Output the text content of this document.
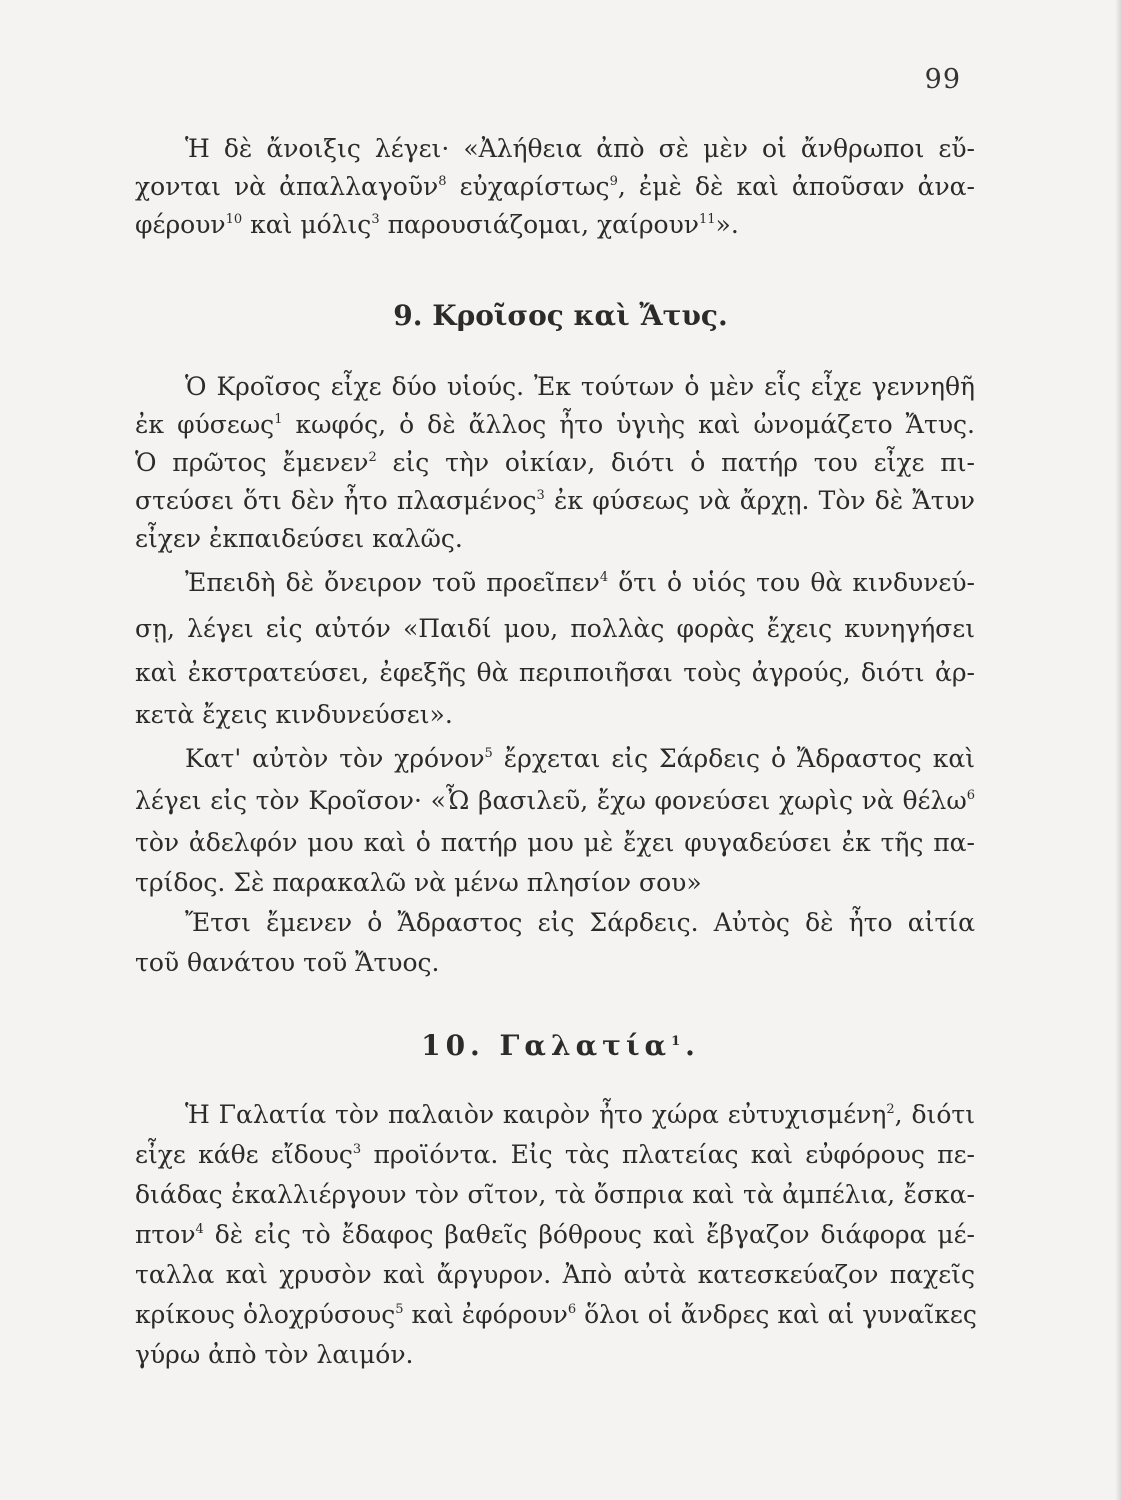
99
Ἡ δὲ ἄνοιξις λέγει· «Ἀλήθεια ἀπὸ σὲ μὲν οἱ ἄνθρωποι εὔ-
χονται νὰ ἀπαλλαγοῦν$^8$ εὐχαρίστως$^9$, ἐμὲ δὲ καὶ ἀποῦσαν ἀνα-
φέρουν$^{10}$ καὶ μόλις$^3$ παρουσιάζομαι, χαίρουν$^{11}$».
9. Κροῖσος καὶ Ἄτυς.
Ὁ Κροῖσος εἶχε δύο υἱούς. Ἐκ τούτων ὁ μὲν εἷς εἶχε γεννηθῆ
ἐκ φύσεως$^1$ κωφός, ὁ δὲ ἄλλος ἦτο ὑγιὴς καὶ ὠνομάζετο Ἄτυς.
Ὁ πρῶτος ἔμενεν$^2$ εἰς τὴν οἰκίαν, διότι ὁ πατήρ του εἶχε πι-
στεύσει ὅτι δὲν ἦτο πλασμένος$^3$ ἐκ φύσεως νὰ ἄρχῃ. Τὸν δὲ Ἄτυν
εἶχεν ἐκπαιδεύσει καλῶς.
Ἐπειδὴ δὲ ὄνειρον τοῦ προεῖπεν$^4$ ὅτι ὁ υἱός του θὰ κινδυνεύ-
σῃ, λέγει εἰς αὐτόν «Παιδί μου, πολλὰς φορὰς ἔχεις κυνηγήσει
καὶ ἐκστρατεύσει, ἐφεξῆς θὰ περιποιῆσαι τοὺς ἀγρούς, διότι ἀρ-
κετὰ ἔχεις κινδυνεύσει».
Κατ' αὐτὸν τὸν χρόνον$^5$ ἔρχεται εἰς Σάρδεις ὁ Ἄδραστος καὶ
λέγει εἰς τὸν Κροῖσον· «Ὦ βασιλεῦ, ἔχω φονεύσει χωρὶς νὰ θέλω$^6$
τὸν ἀδελφόν μου καὶ ὁ πατήρ μου μὲ ἔχει φυγαδεύσει ἐκ τῆς πα-
τρίδος. Σὲ παρακαλῶ νὰ μένω πλησίον σου»
Ἔτσι ἔμενεν ὁ Ἄδραστος εἰς Σάρδεις. Αὐτὸς δὲ ἦτο αἰτία
τοῦ θανάτου τοῦ Ἄτυος.
10. Γαλατία$^1$.
Ἡ Γαλατία τὸν παλαιὸν καιρὸν ἦτο χώρα εὐτυχισμένη$^2$, διότι
εἶχε κάθε εἴδους$^3$ προϊόντα. Εἰς τὰς πλατείας καὶ εὐφόρους πε-
διάδας ἐκαλλιέργουν τὸν σῖτον, τὰ ὄσπρια καὶ τὰ ἀμπέλια, ἔσκα-
πτον$^4$ δὲ εἰς τὸ ἔδαφος βαθεῖς βόθρους καὶ ἔβγαζον διάφορα μέ-
ταλλα καὶ χρυσὸν καὶ ἄργυρον. Ἀπὸ αὐτὰ κατεσκεύαζον παχεῖς
κρίκους ὁλοχρύσους$^5$ καὶ ἐφόρουν$^6$ ὅλοι οἱ ἄνδρες καὶ αἱ γυναῖκες
γύρω ἀπὸ τὸν λαιμόν.
